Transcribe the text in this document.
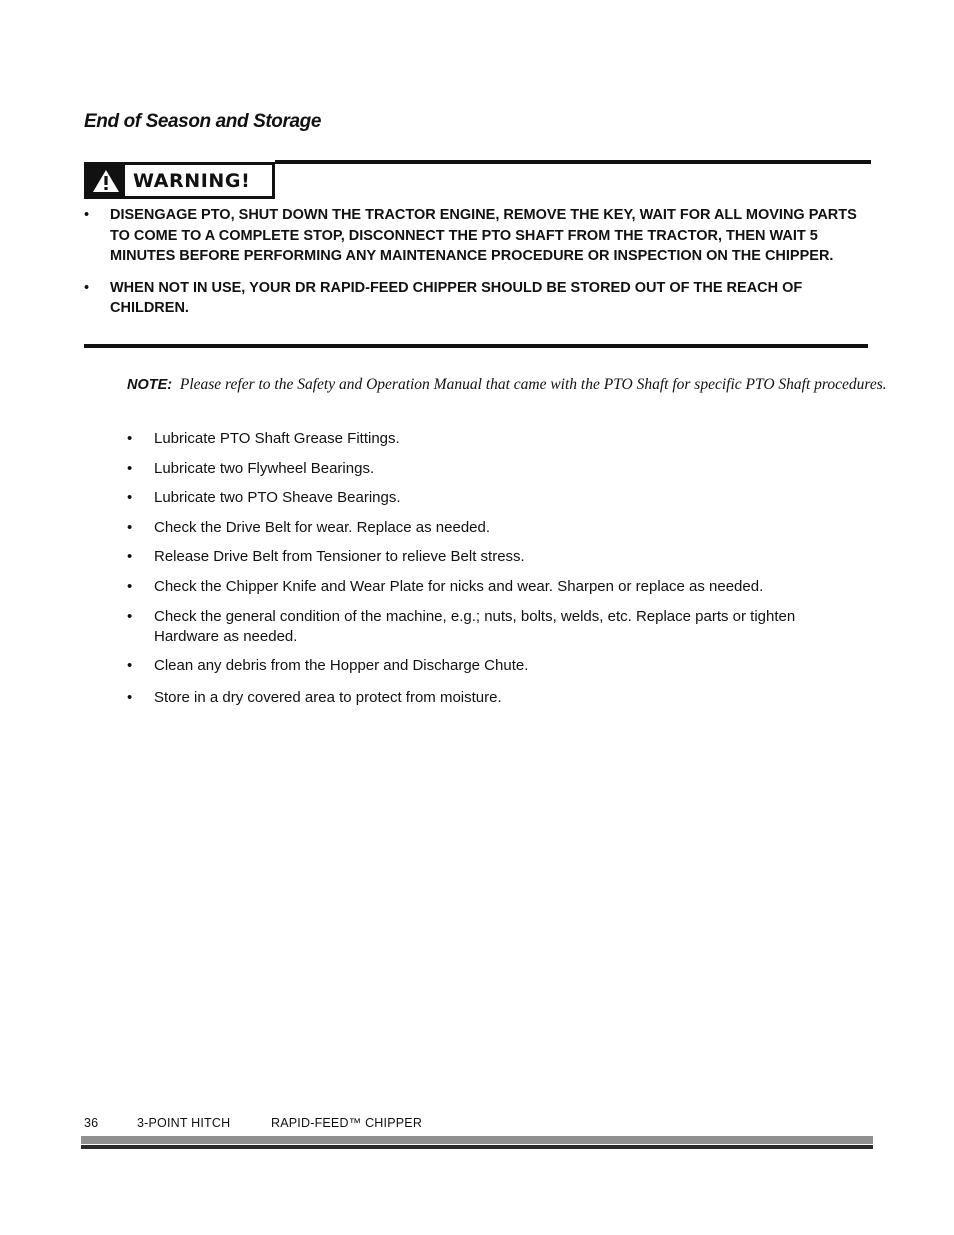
End of Season and Storage
WARNING!
• DISENGAGE PTO, SHUT DOWN THE TRACTOR ENGINE, REMOVE THE KEY, WAIT FOR ALL MOVING PARTS TO COME TO A COMPLETE STOP, DISCONNECT THE PTO SHAFT FROM THE TRACTOR, THEN WAIT 5 MINUTES BEFORE PERFORMING ANY MAINTENANCE PROCEDURE OR INSPECTION ON THE CHIPPER.
• WHEN NOT IN USE, YOUR DR RAPID-FEED CHIPPER SHOULD BE STORED OUT OF THE REACH OF CHILDREN.

NOTE: Please refer to the Safety and Operation Manual that came with the PTO Shaft for specific PTO Shaft procedures.

• Lubricate PTO Shaft Grease Fittings.
• Lubricate two Flywheel Bearings.
• Lubricate two PTO Sheave Bearings.
• Check the Drive Belt for wear. Replace as needed.
• Release Drive Belt from Tensioner to relieve Belt stress.
• Check the Chipper Knife and Wear Plate for nicks and wear. Sharpen or replace as needed.
• Check the general condition of the machine, e.g.; nuts, bolts, welds, etc. Replace parts or tighten Hardware as needed.
• Clean any debris from the Hopper and Discharge Chute.
• Store in a dry covered area to protect from moisture.

36	3-POINT HITCH	RAPID-FEED™ CHIPPER
